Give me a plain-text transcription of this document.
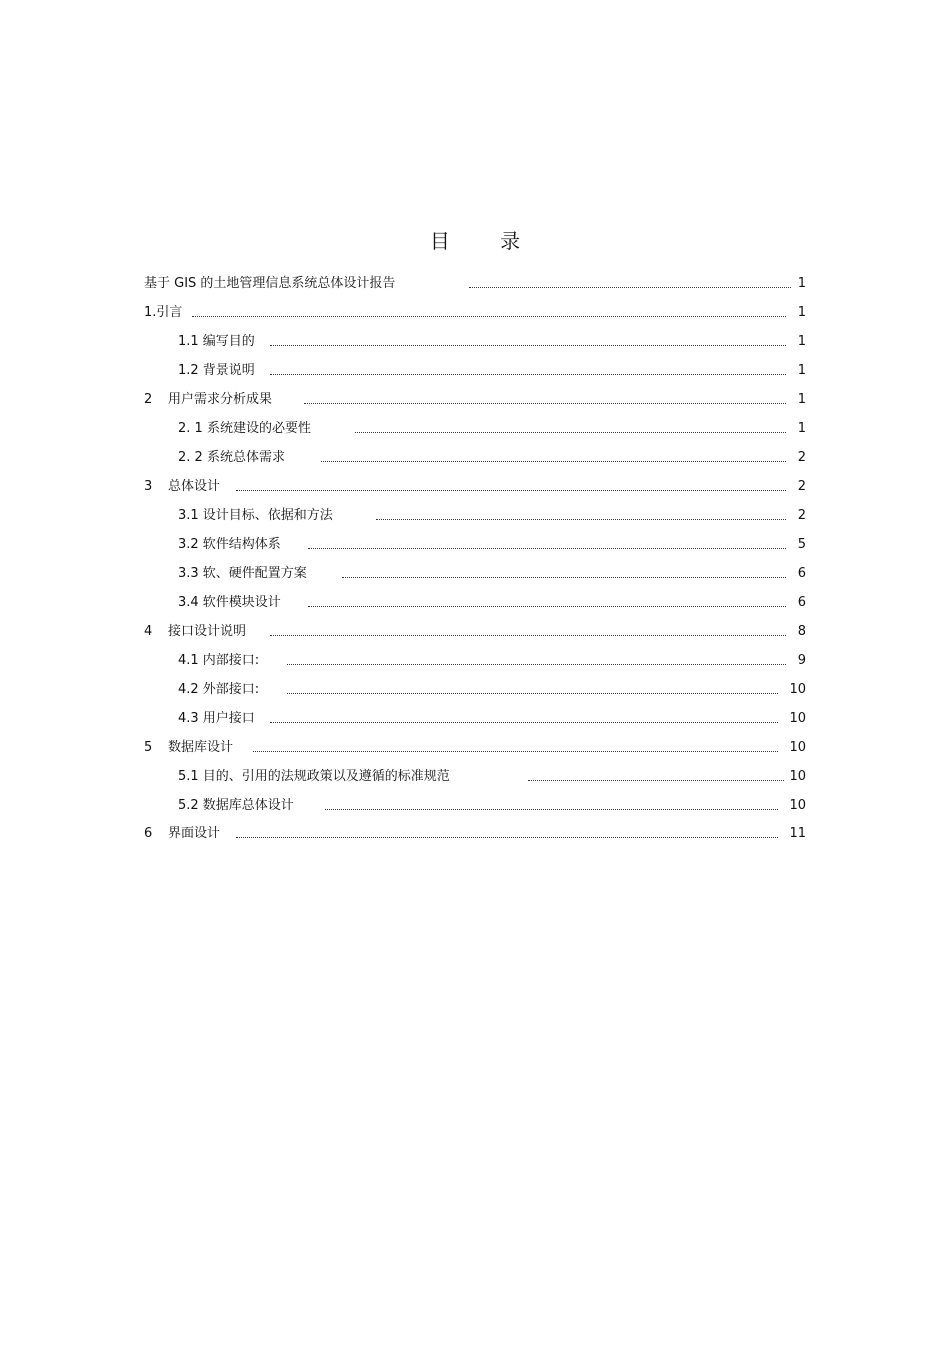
目 录
基于 GIS 的土地管理信息系统总体设计报告	1
1.引言	1
1.1 编写目的	1
1.2 背景说明	1
2 用户需求分析成果	1
2. 1 系统建设的必要性	1
2. 2 系统总体需求	2
3 总体设计	2
3.1 设计目标、依据和方法	2
3.2 软件结构体系	5
3.3 软、硬件配置方案	6
3.4 软件模块设计	6
4 接口设计说明	8
4.1 内部接口:	9
4.2 外部接口:	10
4.3 用户接口	10
5 数据库设计	10
5.1 目的、引用的法规政策以及遵循的标准规范	10
5.2 数据库总体设计	10
6 界面设计	11
